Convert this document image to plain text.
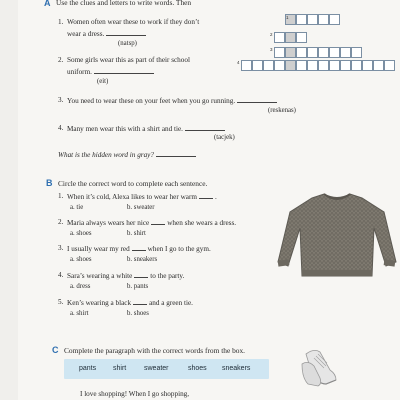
A Use the clues and letters to write words. Then
1. Women often wear these to work if they don’t
wear a dress.
(natsp)
2. Some girls wear this as part of their school
uniform.
(eit)
3. You need to wear these on your feet when you go running.
(reskenas)
4. Many men wear this with a shirt and tie.
(tacjek)
What is the hidden word in gray?
1
2
3
4
B Circle the correct word to complete each sentence.
1. When it’s cold, Alexa likes to wear her warm	.
a. tie	b. sweater
2. Maria always wears her nice	when she wears a dress.
a. shoes	b. shirt
3. I usually wear my red	when I go to the gym.
a. shoes	b. sneakers
4. Sara’s wearing a white	to the party.
a. dress	b. pants
5. Ken’s wearing a black	and a green tie.
a. shirt	b. shoes
C Complete the paragraph with the correct words from the box.
pants shirt	sweater	shoes sneakers
I love shopping! When I go shopping,
